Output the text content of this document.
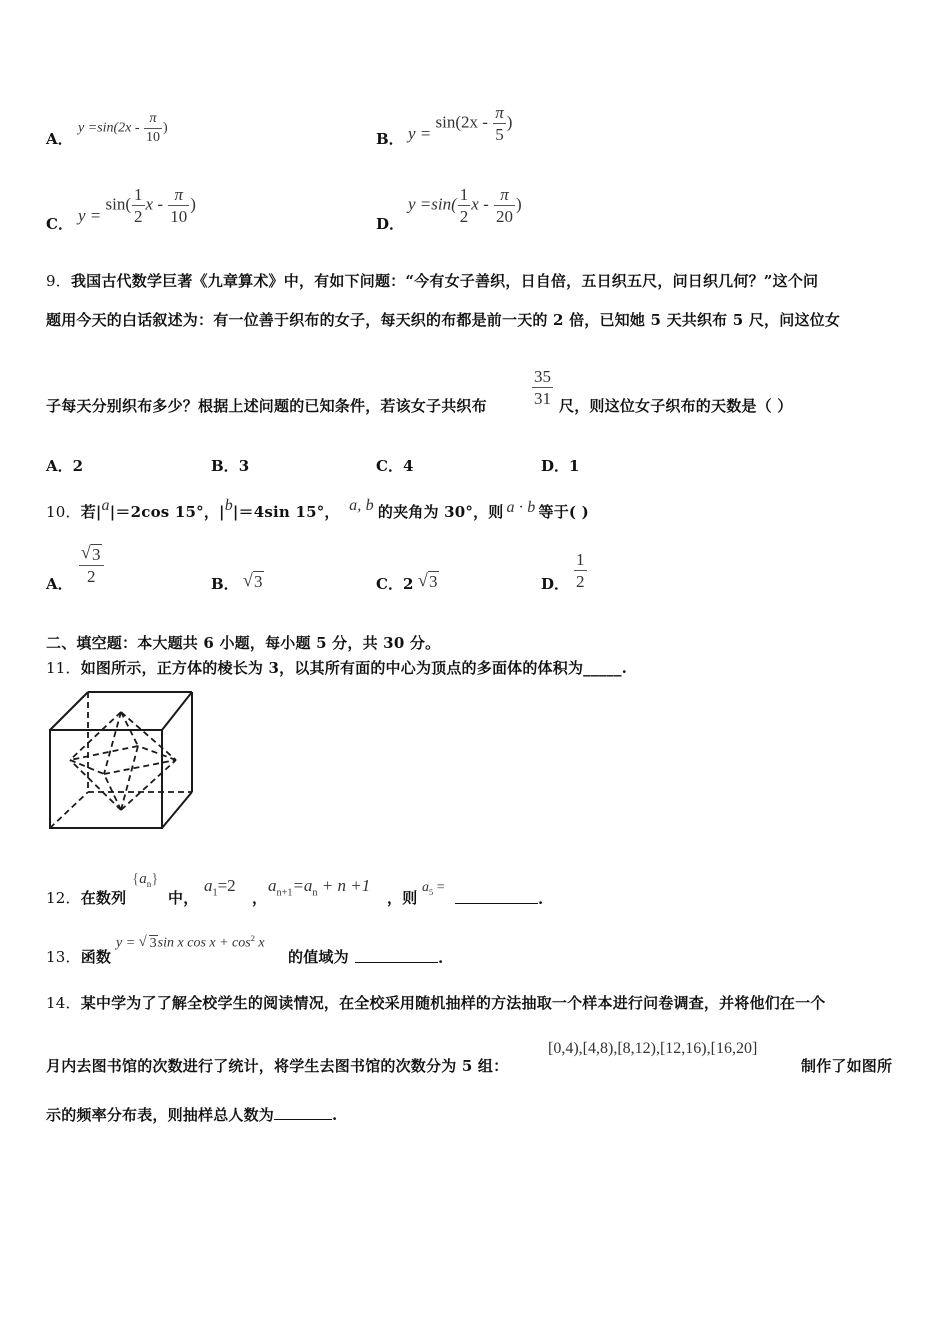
A．
$y =\sin(2x - \frac{\pi}{10}$ )
B． $y = \sin(2x - \frac{\pi}{5}$ )
C． $y = \sin( \frac{1}{2}$ x - $\frac{\pi}{10}$ )
D．
$y =\sin( \frac{1}{2}$ x - $\frac{\pi}{20}$ )
9．我国古代数学巨著《九章算术》中，有如下问题：“今有女子善织，日自倍，五日织五尺，问日织几何？”这个问
题用今天的白话叙述为：有一位善于织布的女子，每天织的布都是前一天的 2 倍，已知她 5 天共织布 5 尺，问这位女
子每天分别织布多少？根据上述问题的已知条件，若该女子共织布	$\frac{35}{31}$ 尺，则这位女子织布的天数是（ ）
A．2	B．3	C．4	D．1
10．若|a|＝2cos 15°，|b|＝4sin 15°， a, b 的夹角为 30°，则 a · b 等于( )
A． $\frac{√ 3}{2}$	B． √ 3	C．2 √ 3	D． $\frac{1}{2}$
二、填空题：本大题共 6 小题，每小题 5 分，共 30 分。
11．如图所示，正方体的棱长为 3，以其所有面的中心为顶点的多面体的体积为_____.
12．在数列
$\{a_n\}$
中，
$a_1=2$
，
$a_{n+1}=a_n + n +1$
，则
$a_5$ =
.
13．函数
y = √ 3sin x $\cos x + \cos^2 x$
的值域为	.
14．某中学为了了解全校学生的阅读情况，在全校采用随机抽样的方法抽取一个样本进行问卷调查，并将他们在一个
月内去图书馆的次数进行了统计，将学生去图书馆的次数分为 5 组：
[0,4),[4,8),[8,12),[12,16),[16,20]
制作了如图所
示的频率分布表，则抽样总人数为	.
